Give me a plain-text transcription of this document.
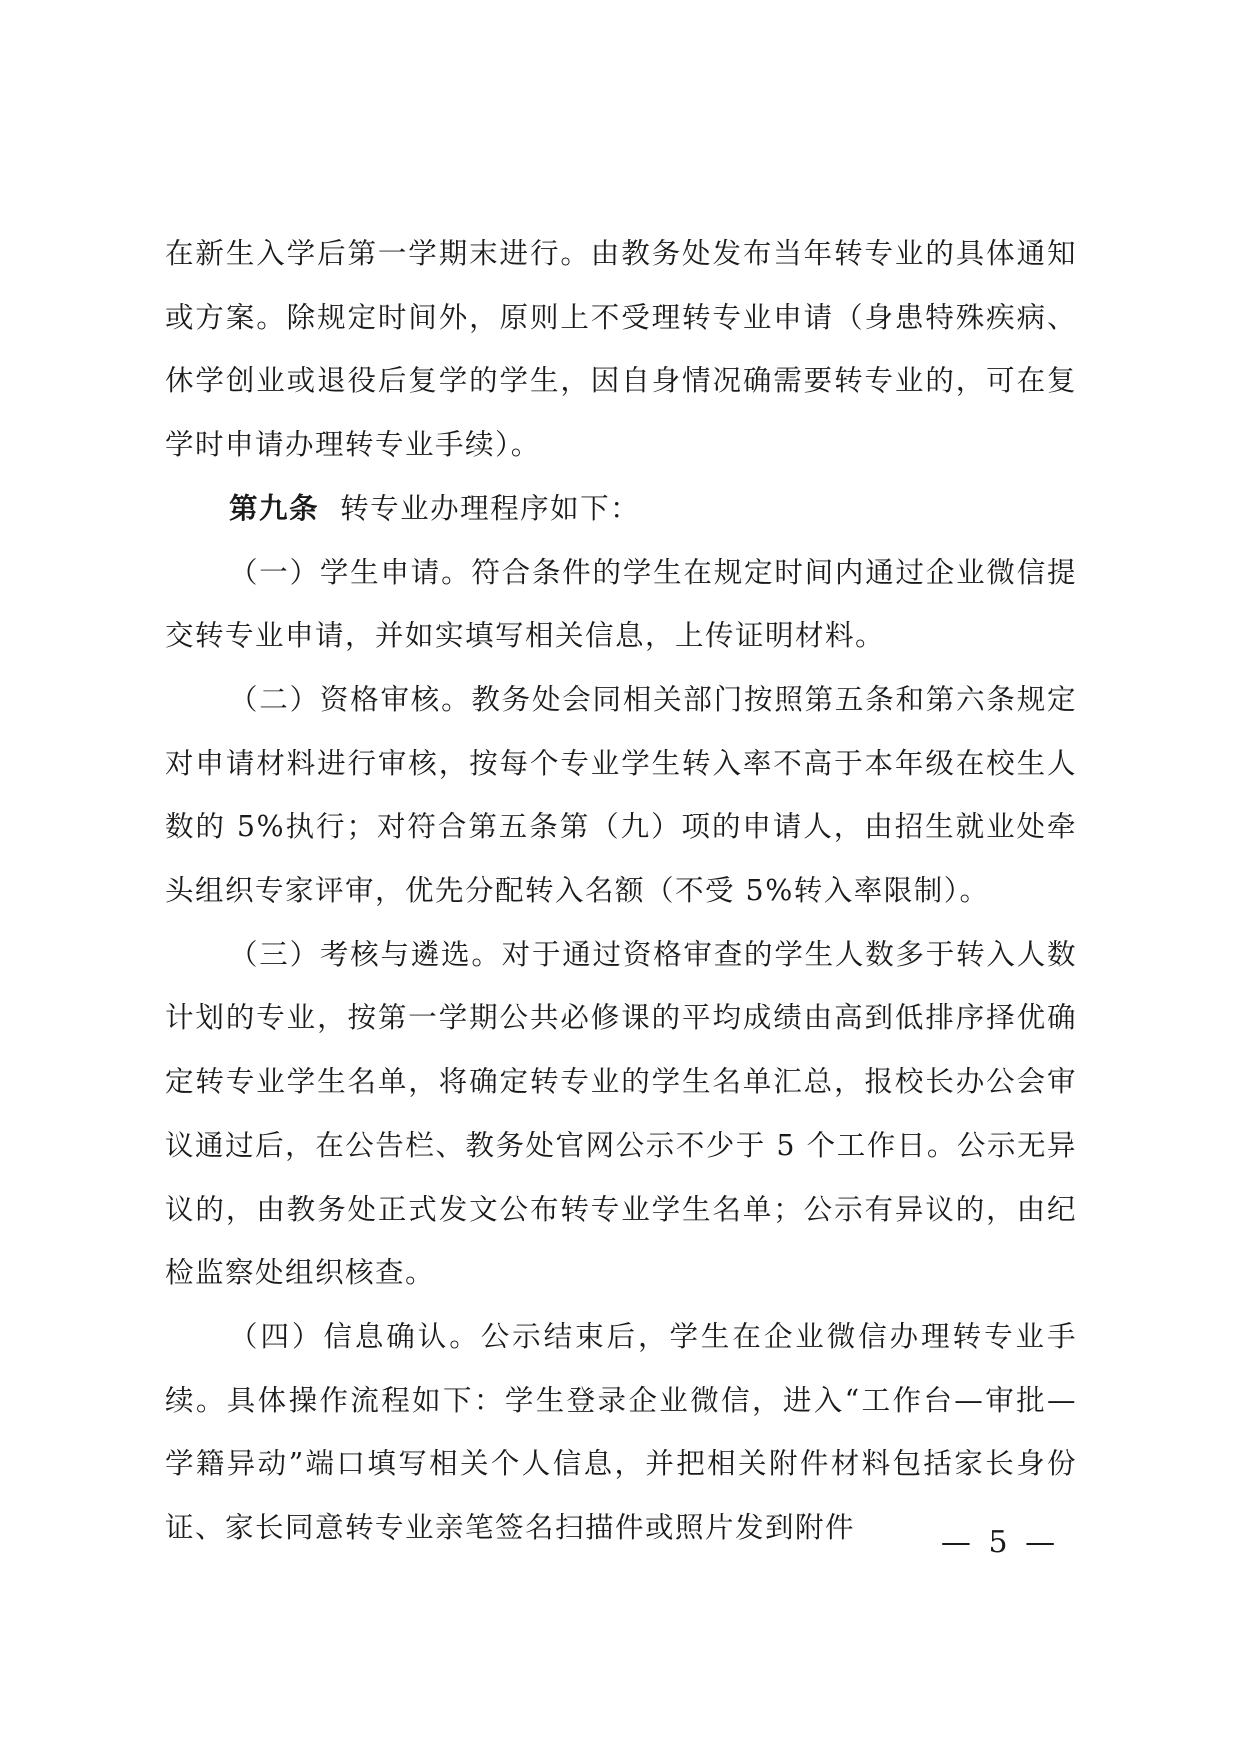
在新生入学后第一学期末进行。由教务处发布当年转专业的具体通知或方案。除规定时间外，原则上不受理转专业申请（身患特殊疾病、休学创业或退役后复学的学生，因自身情况确需要转专业的，可在复学时申请办理转专业手续）。

第九条 转专业办理程序如下：

（一）学生申请。符合条件的学生在规定时间内通过企业微信提交转专业申请，并如实填写相关信息，上传证明材料。

（二）资格审核。教务处会同相关部门按照第五条和第六条规定对申请材料进行审核，按每个专业学生转入率不高于本年级在校生人数的 5%执行；对符合第五条第（九）项的申请人，由招生就业处牵头组织专家评审，优先分配转入名额（不受 5%转入率限制）。

（三）考核与遴选。对于通过资格审查的学生人数多于转入人数计划的专业，按第一学期公共必修课的平均成绩由高到低排序择优确定转专业学生名单，将确定转专业的学生名单汇总，报校长办公会审议通过后，在公告栏、教务处官网公示不少于 5 个工作日。公示无异议的，由教务处正式发文公布转专业学生名单；公示有异议的，由纪检监察处组织核查。

（四）信息确认。公示结束后，学生在企业微信办理转专业手续。具体操作流程如下：学生登录企业微信，进入“工作台—审批—学籍异动”端口填写相关个人信息，并把相关附件材料包括家长身份证、家长同意转专业亲笔签名扫描件或照片发到附件	— 5 —
